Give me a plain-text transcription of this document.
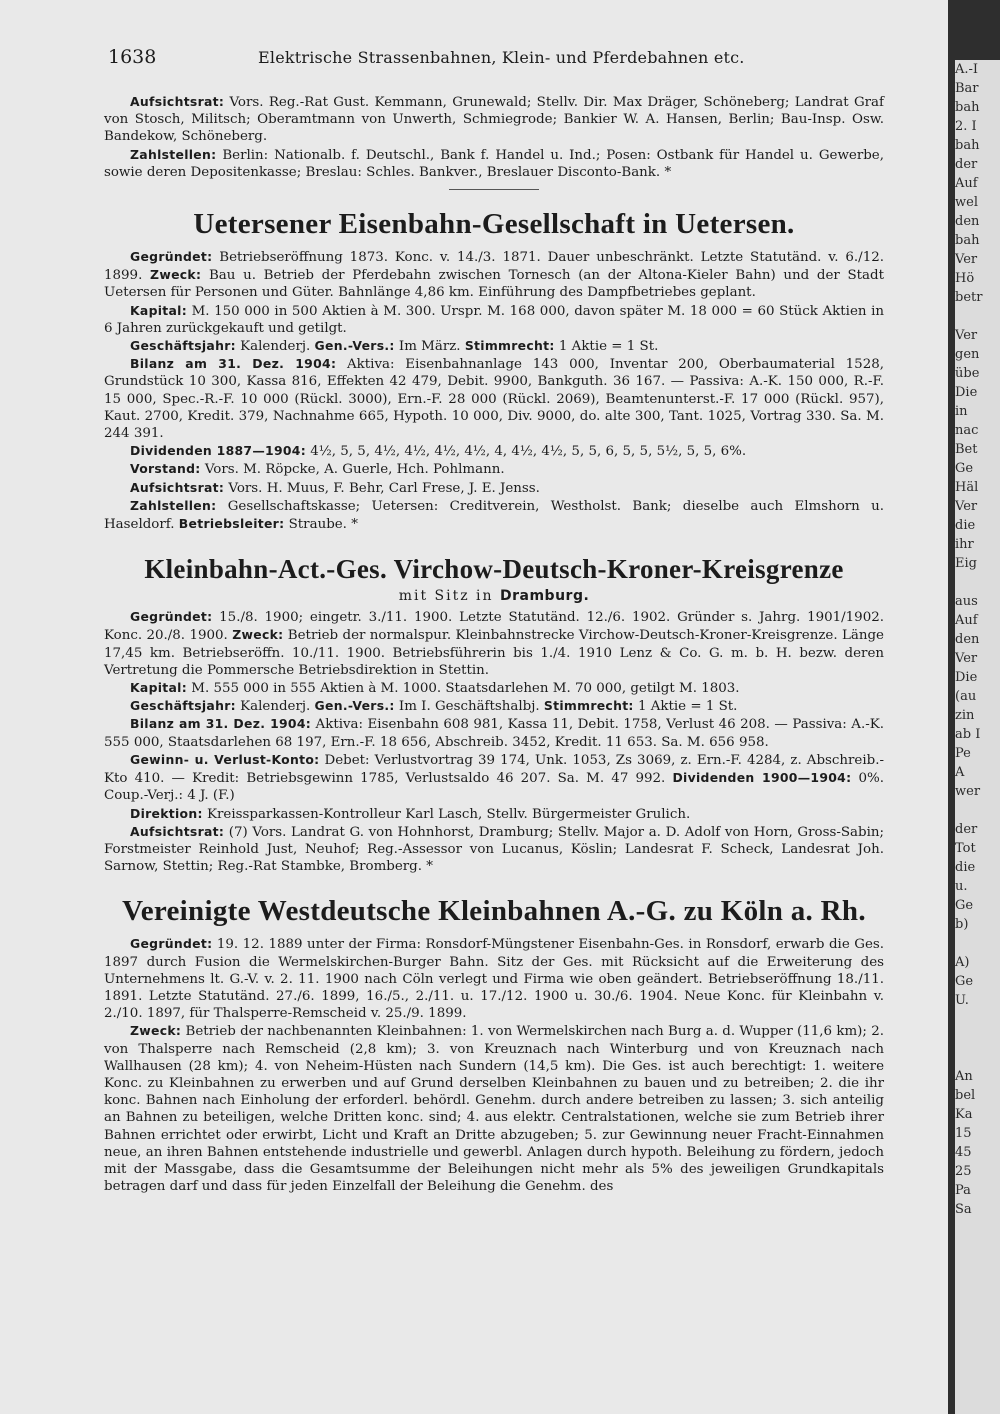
1638	Elektrische Strassenbahnen, Klein- und Pferdebahnen etc.

Aufsichtsrat: Vors. Reg.-Rat Gust. Kemmann, Grunewald; Stellv. Dir. Max Dräger, Schöneberg; Landrat Graf von Stosch, Militsch; Oberamtmann von Unwerth, Schmiegrode; Bankier W. A. Hansen, Berlin; Bau-Insp. Osw. Bandekow, Schöneberg.

Zahlstellen: Berlin: Nationalb. f. Deutschl., Bank f. Handel u. Ind.; Posen: Ostbank für Handel u. Gewerbe, sowie deren Depositenkasse; Breslau: Schles. Bankver., Breslauer Disconto-Bank. *

Uetersener Eisenbahn-Gesellschaft in Uetersen.

Gegründet: Betriebseröffnung 1873. Konc. v. 14./3. 1871. Dauer unbeschränkt. Letzte Statutänd. v. 6./12. 1899. Zweck: Bau u. Betrieb der Pferdebahn zwischen Tornesch (an der Altona-Kieler Bahn) und der Stadt Uetersen für Personen und Güter. Bahnlänge 4,86 km. Einführung des Dampfbetriebes geplant.

Kapital: M. 150 000 in 500 Aktien à M. 300. Urspr. M. 168 000, davon später M. 18 000 = 60 Stück Aktien in 6 Jahren zurückgekauft und getilgt.

Geschäftsjahr: Kalenderj. Gen.-Vers.: Im März. Stimmrecht: 1 Aktie = 1 St.

Bilanz am 31. Dez. 1904: Aktiva: Eisenbahnanlage 143 000, Inventar 200, Oberbaumaterial 1528, Grundstück 10 300, Kassa 816, Effekten 42 479, Debit. 9900, Bankguth. 36 167. — Passiva: A.-K. 150 000, R.-F. 15 000, Spec.-R.-F. 10 000 (Rückl. 3000), Ern.-F. 28 000 (Rückl. 2069), Beamtenunterst.-F. 17 000 (Rückl. 957), Kaut. 2700, Kredit. 379, Nachnahme 665, Hypoth. 10 000, Div. 9000, do. alte 300, Tant. 1025, Vortrag 330. Sa. M. 244 391.

Dividenden 1887—1904: 4½, 5, 5, 4½, 4½, 4½, 4½, 4, 4½, 4½, 5, 5, 6, 5, 5, 5½, 5, 5, 6%.

Vorstand: Vors. M. Röpcke, A. Guerle, Hch. Pohlmann.

Aufsichtsrat: Vors. H. Muus, F. Behr, Carl Frese, J. E. Jenss.

Zahlstellen: Gesellschaftskasse; Uetersen: Creditverein, Westholst. Bank; dieselbe auch Elmshorn u. Haseldorf. Betriebsleiter: Straube. *

Kleinbahn-Act.-Ges. Virchow-Deutsch-Kroner-Kreisgrenze
mit Sitz in Dramburg.

Gegründet: 15./8. 1900; eingetr. 3./11. 1900. Letzte Statutänd. 12./6. 1902. Gründer s. Jahrg. 1901/1902. Konc. 20./8. 1900. Zweck: Betrieb der normalspur. Kleinbahnstrecke Virchow-Deutsch-Kroner-Kreisgrenze. Länge 17,45 km. Betriebseröffn. 10./11. 1900. Betriebsführerin bis 1./4. 1910 Lenz & Co. G. m. b. H. bezw. deren Vertretung die Pommersche Betriebsdirektion in Stettin.

Kapital: M. 555 000 in 555 Aktien à M. 1000. Staatsdarlehen M. 70 000, getilgt M. 1803.

Geschäftsjahr: Kalenderj. Gen.-Vers.: Im I. Geschäftshalbj. Stimmrecht: 1 Aktie = 1 St.

Bilanz am 31. Dez. 1904: Aktiva: Eisenbahn 608 981, Kassa 11, Debit. 1758, Verlust 46 208. — Passiva: A.-K. 555 000, Staatsdarlehen 68 197, Ern.-F. 18 656, Abschreib. 3452, Kredit. 11 653. Sa. M. 656 958.

Gewinn- u. Verlust-Konto: Debet: Verlustvortrag 39 174, Unk. 1053, Zs 3069, z. Ern.-F. 4284, z. Abschreib.-Kto 410. — Kredit: Betriebsgewinn 1785, Verlustsaldo 46 207. Sa. M. 47 992. Dividenden 1900—1904: 0%. Coup.-Verj.: 4 J. (F.)

Direktion: Kreissparkassen-Kontrolleur Karl Lasch, Stellv. Bürgermeister Grulich.

Aufsichtsrat: (7) Vors. Landrat G. von Hohnhorst, Dramburg; Stellv. Major a. D. Adolf von Horn, Gross-Sabin; Forstmeister Reinhold Just, Neuhof; Reg.-Assessor von Lucanus, Köslin; Landesrat F. Scheck, Landesrat Joh. Sarnow, Stettin; Reg.-Rat Stambke, Bromberg. *

Vereinigte Westdeutsche Kleinbahnen A.-G. zu Köln a. Rh.

Gegründet: 19. 12. 1889 unter der Firma: Ronsdorf-Müngstener Eisenbahn-Ges. in Ronsdorf, erwarb die Ges. 1897 durch Fusion die Wermelskirchen-Burger Bahn. Sitz der Ges. mit Rücksicht auf die Erweiterung des Unternehmens lt. G.-V. v. 2. 11. 1900 nach Cöln verlegt und Firma wie oben geändert. Betriebseröffnung 18./11. 1891. Letzte Statutänd. 27./6. 1899, 16./5., 2./11. u. 17./12. 1900 u. 30./6. 1904. Neue Konc. für Kleinbahn v. 2./10. 1897, für Thalsperre-Remscheid v. 25./9. 1899.

Zweck: Betrieb der nachbenannten Kleinbahnen: 1. von Wermelskirchen nach Burg a. d. Wupper (11,6 km); 2. von Thalsperre nach Remscheid (2,8 km); 3. von Kreuznach nach Winterburg und von Kreuznach nach Wallhausen (28 km); 4. von Neheim-Hüsten nach Sundern (14,5 km). Die Ges. ist auch berechtigt: 1. weitere Konc. zu Kleinbahnen zu erwerben und auf Grund derselben Kleinbahnen zu bauen und zu betreiben; 2. die ihr konc. Bahnen nach Einholung der erforderl. behördl. Genehm. durch andere betreiben zu lassen; 3. sich anteilig an Bahnen zu beteiligen, welche Dritten konc. sind; 4. aus elektr. Centralstationen, welche sie zum Betrieb ihrer Bahnen errichtet oder erwirbt, Licht und Kraft an Dritte abzugeben; 5. zur Gewinnung neuer Fracht-Einnahmen neue, an ihren Bahnen entstehende industrielle und gewerbl. Anlagen durch hypoth. Beleihung zu fördern, jedoch mit der Massgabe, dass die Gesamtsumme der Beleihungen nicht mehr als 5% des jeweiligen Grundkapitals betragen darf und dass für jeden Einzelfall der Beleihung die Genehm. des

A.-I
Bar
bah
2. I
bah
der
Auf
wel
den
bah
Ver
Hö
betr

Ver
gen
übe
Die
in
nac
Bet
Ge
Häl
Ver
die
ihr
Eig

aus
Auf
den
Ver
Die
(au
zin
ab I
Pe
A
wer

der
Tot
die
u.
Ge
b)

A)
Ge
U.

An
bel
Ka
15
45
25
Pa
Sa
